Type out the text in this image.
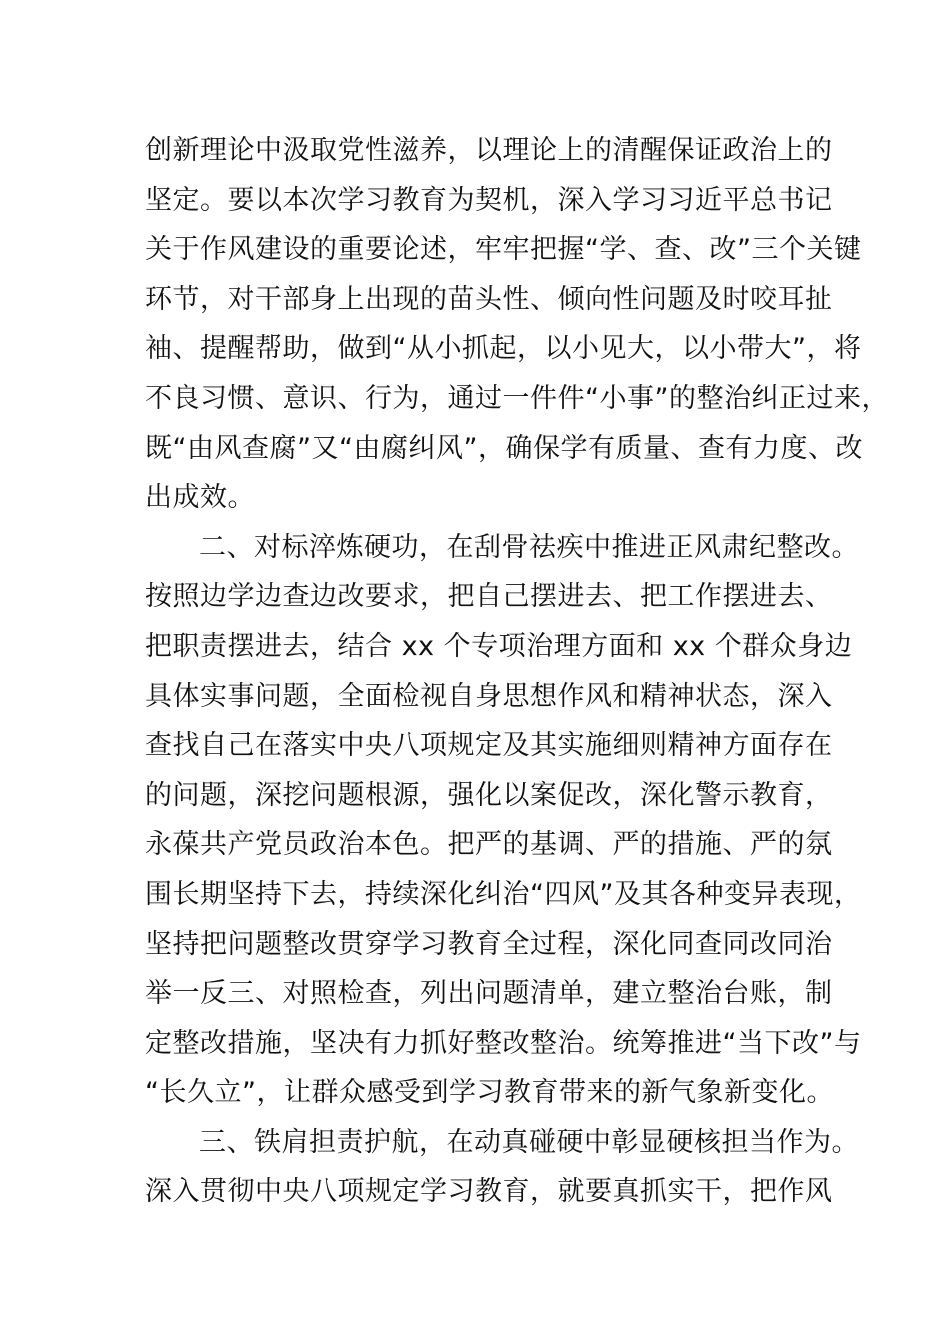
创新理论中汲取党性滋养，以理论上的清醒保证政治上的
坚定。要以本次学习教育为契机，深入学习习近平总书记
关于作风建设的重要论述，牢牢把握“学、查、改”三个关键
环节，对干部身上出现的苗头性、倾向性问题及时咬耳扯
袖、提醒帮助，做到“从小抓起，以小见大，以小带大”，将
不良习惯、意识、行为，通过一件件“小事”的整治纠正过来，
既“由风查腐”又“由腐纠风”，确保学有质量、查有力度、改
出成效。
二、对标淬炼硬功，在刮骨祛疾中推进正风肃纪整改。
按照边学边查边改要求，把自己摆进去、把工作摆进去、
把职责摆进去，结合 xx 个专项治理方面和 xx 个群众身边
具体实事问题，全面检视自身思想作风和精神状态，深入
查找自己在落实中央八项规定及其实施细则精神方面存在
的问题，深挖问题根源，强化以案促改，深化警示教育，
永葆共产党员政治本色。把严的基调、严的措施、严的氛
围长期坚持下去，持续深化纠治“四风”及其各种变异表现，
坚持把问题整改贯穿学习教育全过程，深化同查同改同治
举一反三、对照检查，列出问题清单，建立整治台账，制
定整改措施，坚决有力抓好整改整治。统筹推进“当下改”与
“长久立”，让群众感受到学习教育带来的新气象新变化。
三、铁肩担责护航，在动真碰硬中彰显硬核担当作为。
深入贯彻中央八项规定学习教育，就要真抓实干，把作风
